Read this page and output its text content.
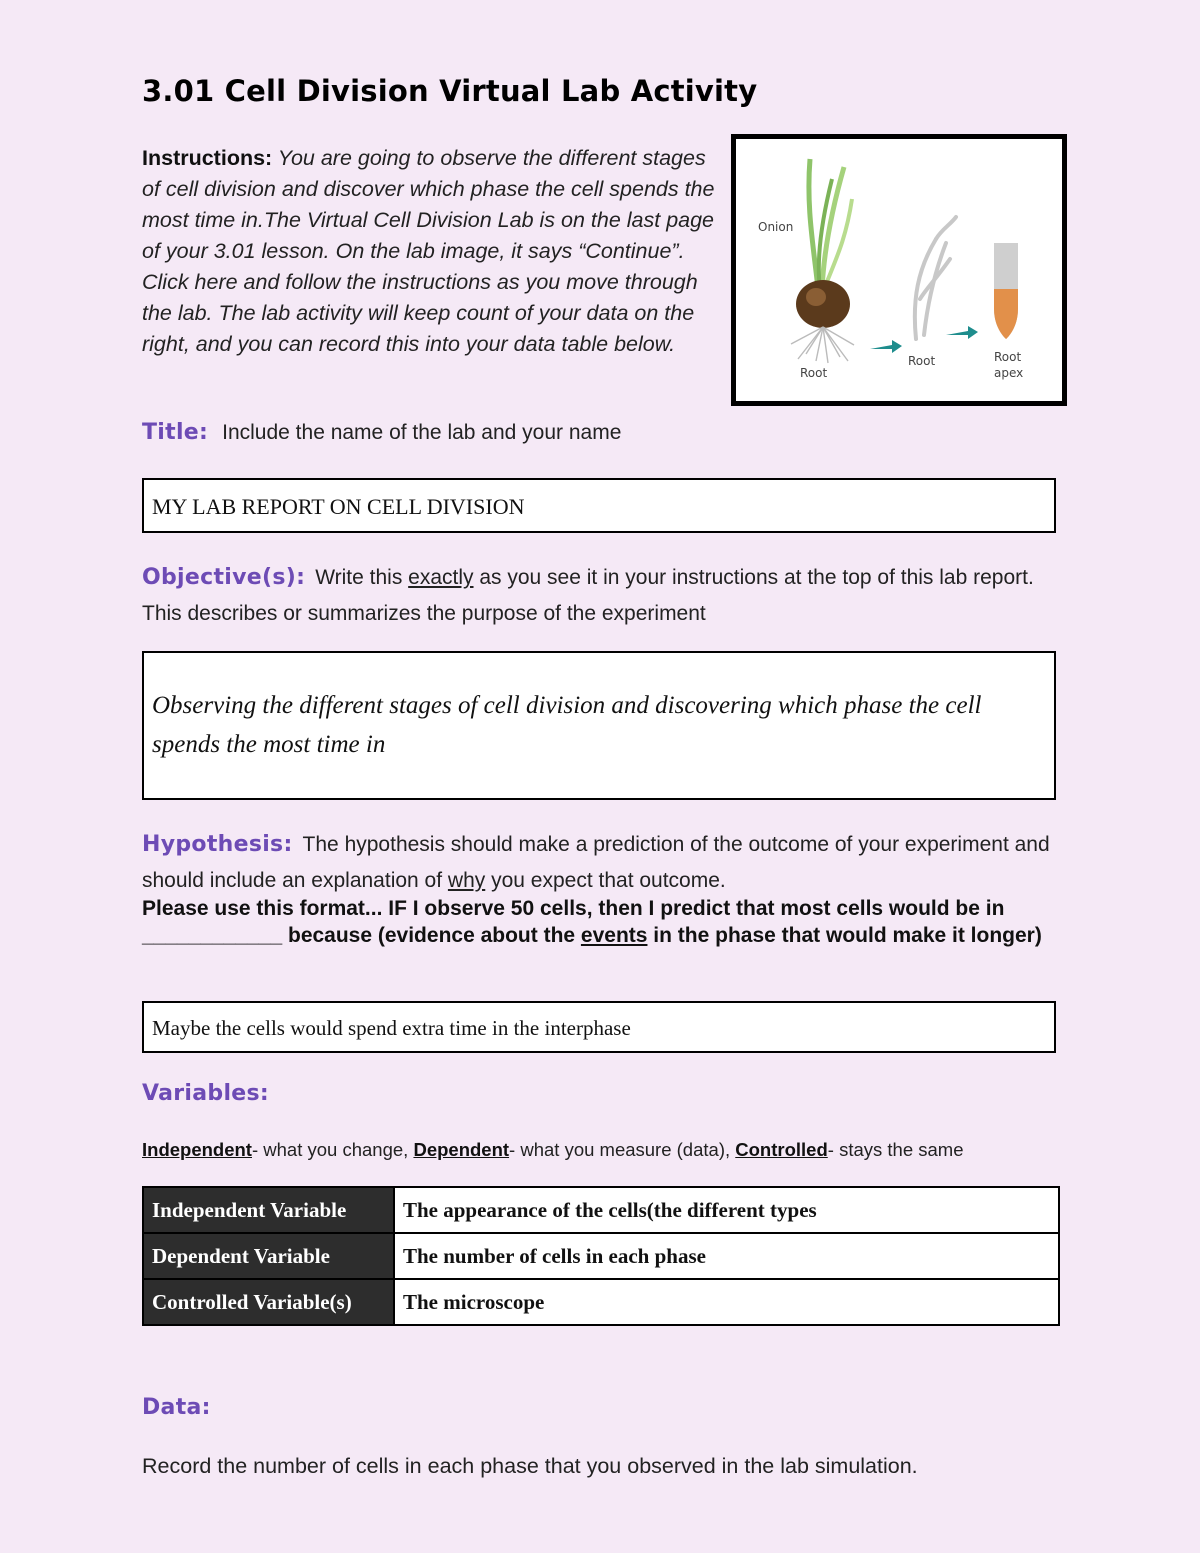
3.01 Cell Division Virtual Lab Activity
Instructions: You are going to observe the different stages of cell division and discover which phase the cell spends the most time in.The Virtual Cell Division Lab is on the last page of your 3.01 lesson. On the lab image, it says “Continue”. Click here and follow the instructions as you move through the lab. The lab activity will keep count of your data on the right, and you can record this into your data table below.
Onion
Root
Root	Root
apex
Title: Include the name of the lab and your name
MY LAB REPORT ON CELL DIVISION
Objective(s): Write this exactly as you see it in your instructions at the top of this lab report. This describes or summarizes the purpose of the experiment
Observing the different stages of cell division and discovering which phase the cell spends the most time in
Hypothesis: The hypothesis should make a prediction of the outcome of your experiment and should include an explanation of why you expect that outcome.
Please use this format... IF I observe 50 cells, then I predict that most cells would be in ____________ because (evidence about the events in the phase that would make it longer)
Maybe the cells would spend extra time in the interphase
Variables:
Independent- what you change, Dependent- what you measure (data), Controlled- stays the same
Independent Variable	The appearance of the cells(the different types
Dependent Variable	The number of cells in each phase
Controlled Variable(s)	The microscope
Data:
Record the number of cells in each phase that you observed in the lab simulation.
